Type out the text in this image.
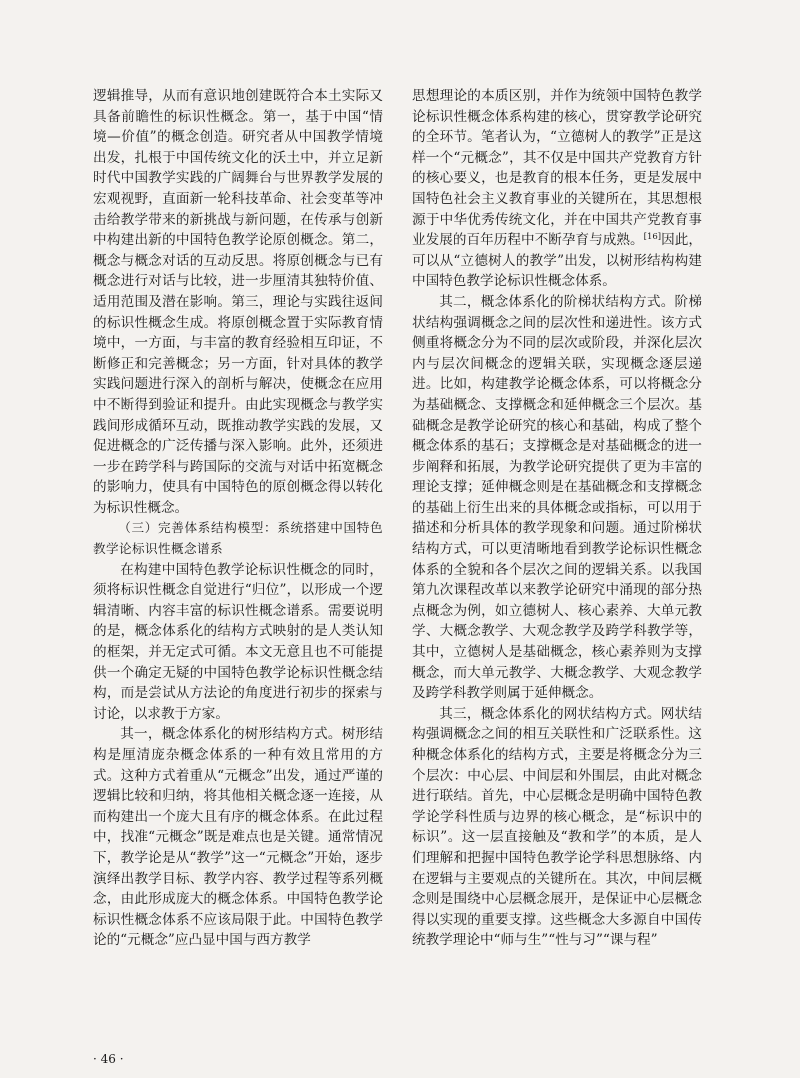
逻辑推导，从而有意识地创建既符合本土实际又具备前瞻性的标识性概念。第一，基于中国“情境—价值”的概念创造。研究者从中国教学情境出发，扎根于中国传统文化的沃土中，并立足新时代中国教学实践的广阔舞台与世界教学发展的宏观视野，直面新一轮科技革命、社会变革等冲击给教学带来的新挑战与新问题，在传承与创新中构建出新的中国特色教学论原创概念。第二，概念与概念对话的互动反思。将原创概念与已有概念进行对话与比较，进一步厘清其独特价值、适用范围及潜在影响。第三，理论与实践往返间的标识性概念生成。将原创概念置于实际教育情境中，一方面，与丰富的教育经验相互印证，不断修正和完善概念；另一方面，针对具体的教学实践问题进行深入的剖析与解决，使概念在应用中不断得到验证和提升。由此实现概念与教学实践间形成循环互动，既推动教学实践的发展，又促进概念的广泛传播与深入影响。此外，还须进一步在跨学科与跨国际的交流与对话中拓宽概念的影响力，使具有中国特色的原创概念得以转化为标识性概念。

（三）完善体系结构模型：系统搭建中国特色教学论标识性概念谱系

在构建中国特色教学论标识性概念的同时，须将标识性概念自觉进行“归位”，以形成一个逻辑清晰、内容丰富的标识性概念谱系。需要说明的是，概念体系化的结构方式映射的是人类认知的框架，并无定式可循。本文无意且也不可能提供一个确定无疑的中国特色教学论标识性概念结构，而是尝试从方法论的角度进行初步的探索与讨论，以求教于方家。

其一，概念体系化的树形结构方式。树形结构是厘清庞杂概念体系的一种有效且常用的方式。这种方式着重从“元概念”出发，通过严谨的逻辑比较和归纳，将其他相关概念逐一连接，从而构建出一个庞大且有序的概念体系。在此过程中，找准“元概念”既是难点也是关键。通常情况下，教学论是从“教学”这一“元概念”开始，逐步演绎出教学目标、教学内容、教学过程等系列概念，由此形成庞大的概念体系。中国特色教学论标识性概念体系不应该局限于此。中国特色教学论的“元概念”应凸显中国与西方教学

思想理论的本质区别，并作为统领中国特色教学论标识性概念体系构建的核心，贯穿教学论研究的全环节。笔者认为，“立德树人的教学”正是这样一个“元概念”，其不仅是中国共产党教育方针的核心要义，也是教育的根本任务，更是发展中国特色社会主义教育事业的关键所在，其思想根源于中华优秀传统文化，并在中国共产党教育事业发展的百年历程中不断孕育与成熟。[16]因此，可以从“立德树人的教学”出发，以树形结构构建中国特色教学论标识性概念体系。

其二，概念体系化的阶梯状结构方式。阶梯状结构强调概念之间的层次性和递进性。该方式侧重将概念分为不同的层次或阶段，并深化层次内与层次间概念的逻辑关联，实现概念逐层递进。比如，构建教学论概念体系，可以将概念分为基础概念、支撑概念和延伸概念三个层次。基础概念是教学论研究的核心和基础，构成了整个概念体系的基石；支撑概念是对基础概念的进一步阐释和拓展，为教学论研究提供了更为丰富的理论支撑；延伸概念则是在基础概念和支撑概念的基础上衍生出来的具体概念或指标，可以用于描述和分析具体的教学现象和问题。通过阶梯状结构方式，可以更清晰地看到教学论标识性概念体系的全貌和各个层次之间的逻辑关系。以我国第九次课程改革以来教学论研究中涌现的部分热点概念为例，如立德树人、核心素养、大单元教学、大概念教学、大观念教学及跨学科教学等，其中，立德树人是基础概念，核心素养则为支撑概念，而大单元教学、大概念教学、大观念教学及跨学科教学则属于延伸概念。

其三，概念体系化的网状结构方式。网状结构强调概念之间的相互关联性和广泛联系性。这种概念体系化的结构方式，主要是将概念分为三个层次：中心层、中间层和外围层，由此对概念进行联结。首先，中心层概念是明确中国特色教学论学科性质与边界的核心概念，是“标识中的标识”。这一层直接触及“教和学”的本质，是人们理解和把握中国特色教学论学科思想脉络、内在逻辑与主要观点的关键所在。其次，中间层概念则是围绕中心层概念展开，是保证中心层概念得以实现的重要支撑。这些概念大多源自中国传统教学理论中“师与生”“性与习”“课与程”

· 46 ·
